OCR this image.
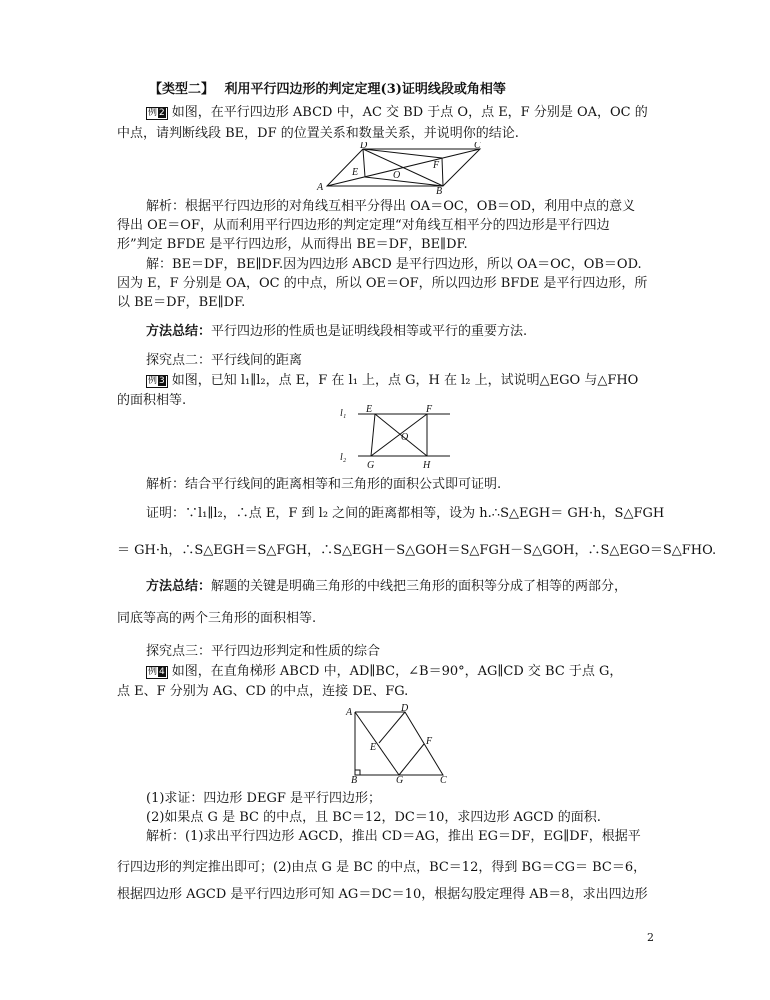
【类型二】 利用平行四边形的判定定理(3)证明线段或角相等
例 2 如图，在平行四边形 ABCD 中，AC 交 BD 于点 O，点 E，F 分别是 OA，OC 的
中点，请判断线段 BE，DF 的位置关系和数量关系，并说明你的结论.
D	C
E	O
F
A	B
解析：根据平行四边形的对角线互相平分得出 OA＝OC，OB＝OD，利用中点的意义
得出 OE＝OF，从而利用平行四边形的判定定理“对角线互相平分的四边形是平行四边
形”判定 BFDE 是平行四边形，从而得出 BE＝DF，BE∥DF.
解：BE＝DF，BE∥DF.因为四边形 ABCD 是平行四边形，所以 OA＝OC，OB＝OD.
因为 E，F 分别是 OA，OC 的中点，所以 OE＝OF，所以四边形 BFDE 是平行四边形，所
以 BE＝DF，BE∥DF.
方法总结：平行四边形的性质也是证明线段相等或平行的重要方法.
探究点二：平行线间的距离
例 3 如图，已知 l₁∥l₂，点 E，F 在 l₁ 上，点 G，H 在 l₂ 上，试说明△EGO 与△FHO
的面积相等.
l₁ E	F
O
l₂
G	H
解析：结合平行线间的距离相等和三角形的面积公式即可证明.
证明：∵l₁∥l₂，∴点 E，F 到 l₂ 之间的距离都相等，设为 h.∴S△EGH＝ GH·h，S△FGH
＝ GH·h，∴S△EGH＝S△FGH，∴S△EGH－S△GOH＝S△FGH－S△GOH，∴S△EGO＝S△FHO.
方法总结：解题的关键是明确三角形的中线把三角形的面积等分成了相等的两部分，
同底等高的两个三角形的面积相等.
探究点三：平行四边形判定和性质的综合
例 4 如图，在直角梯形 ABCD 中，AD∥BC，∠B＝90°，AG∥CD 交 BC 于点 G，
点 E、F 分别为 AG、CD 的中点，连接 DE、FG.
A	D
E
F
B	G	C
(1)求证：四边形 DEGF 是平行四边形；
(2)如果点 G 是 BC 的中点，且 BC＝12，DC＝10，求四边形 AGCD 的面积.
解析：(1)求出平行四边形 AGCD，推出 CD＝AG，推出 EG＝DF，EG∥DF，根据平
行四边形的判定推出即可；(2)由点 G 是 BC 的中点，BC＝12，得到 BG＝CG＝ BC＝6，
根据四边形 AGCD 是平行四边形可知 AG＝DC＝10，根据勾股定理得 AB＝8，求出四边形
2
